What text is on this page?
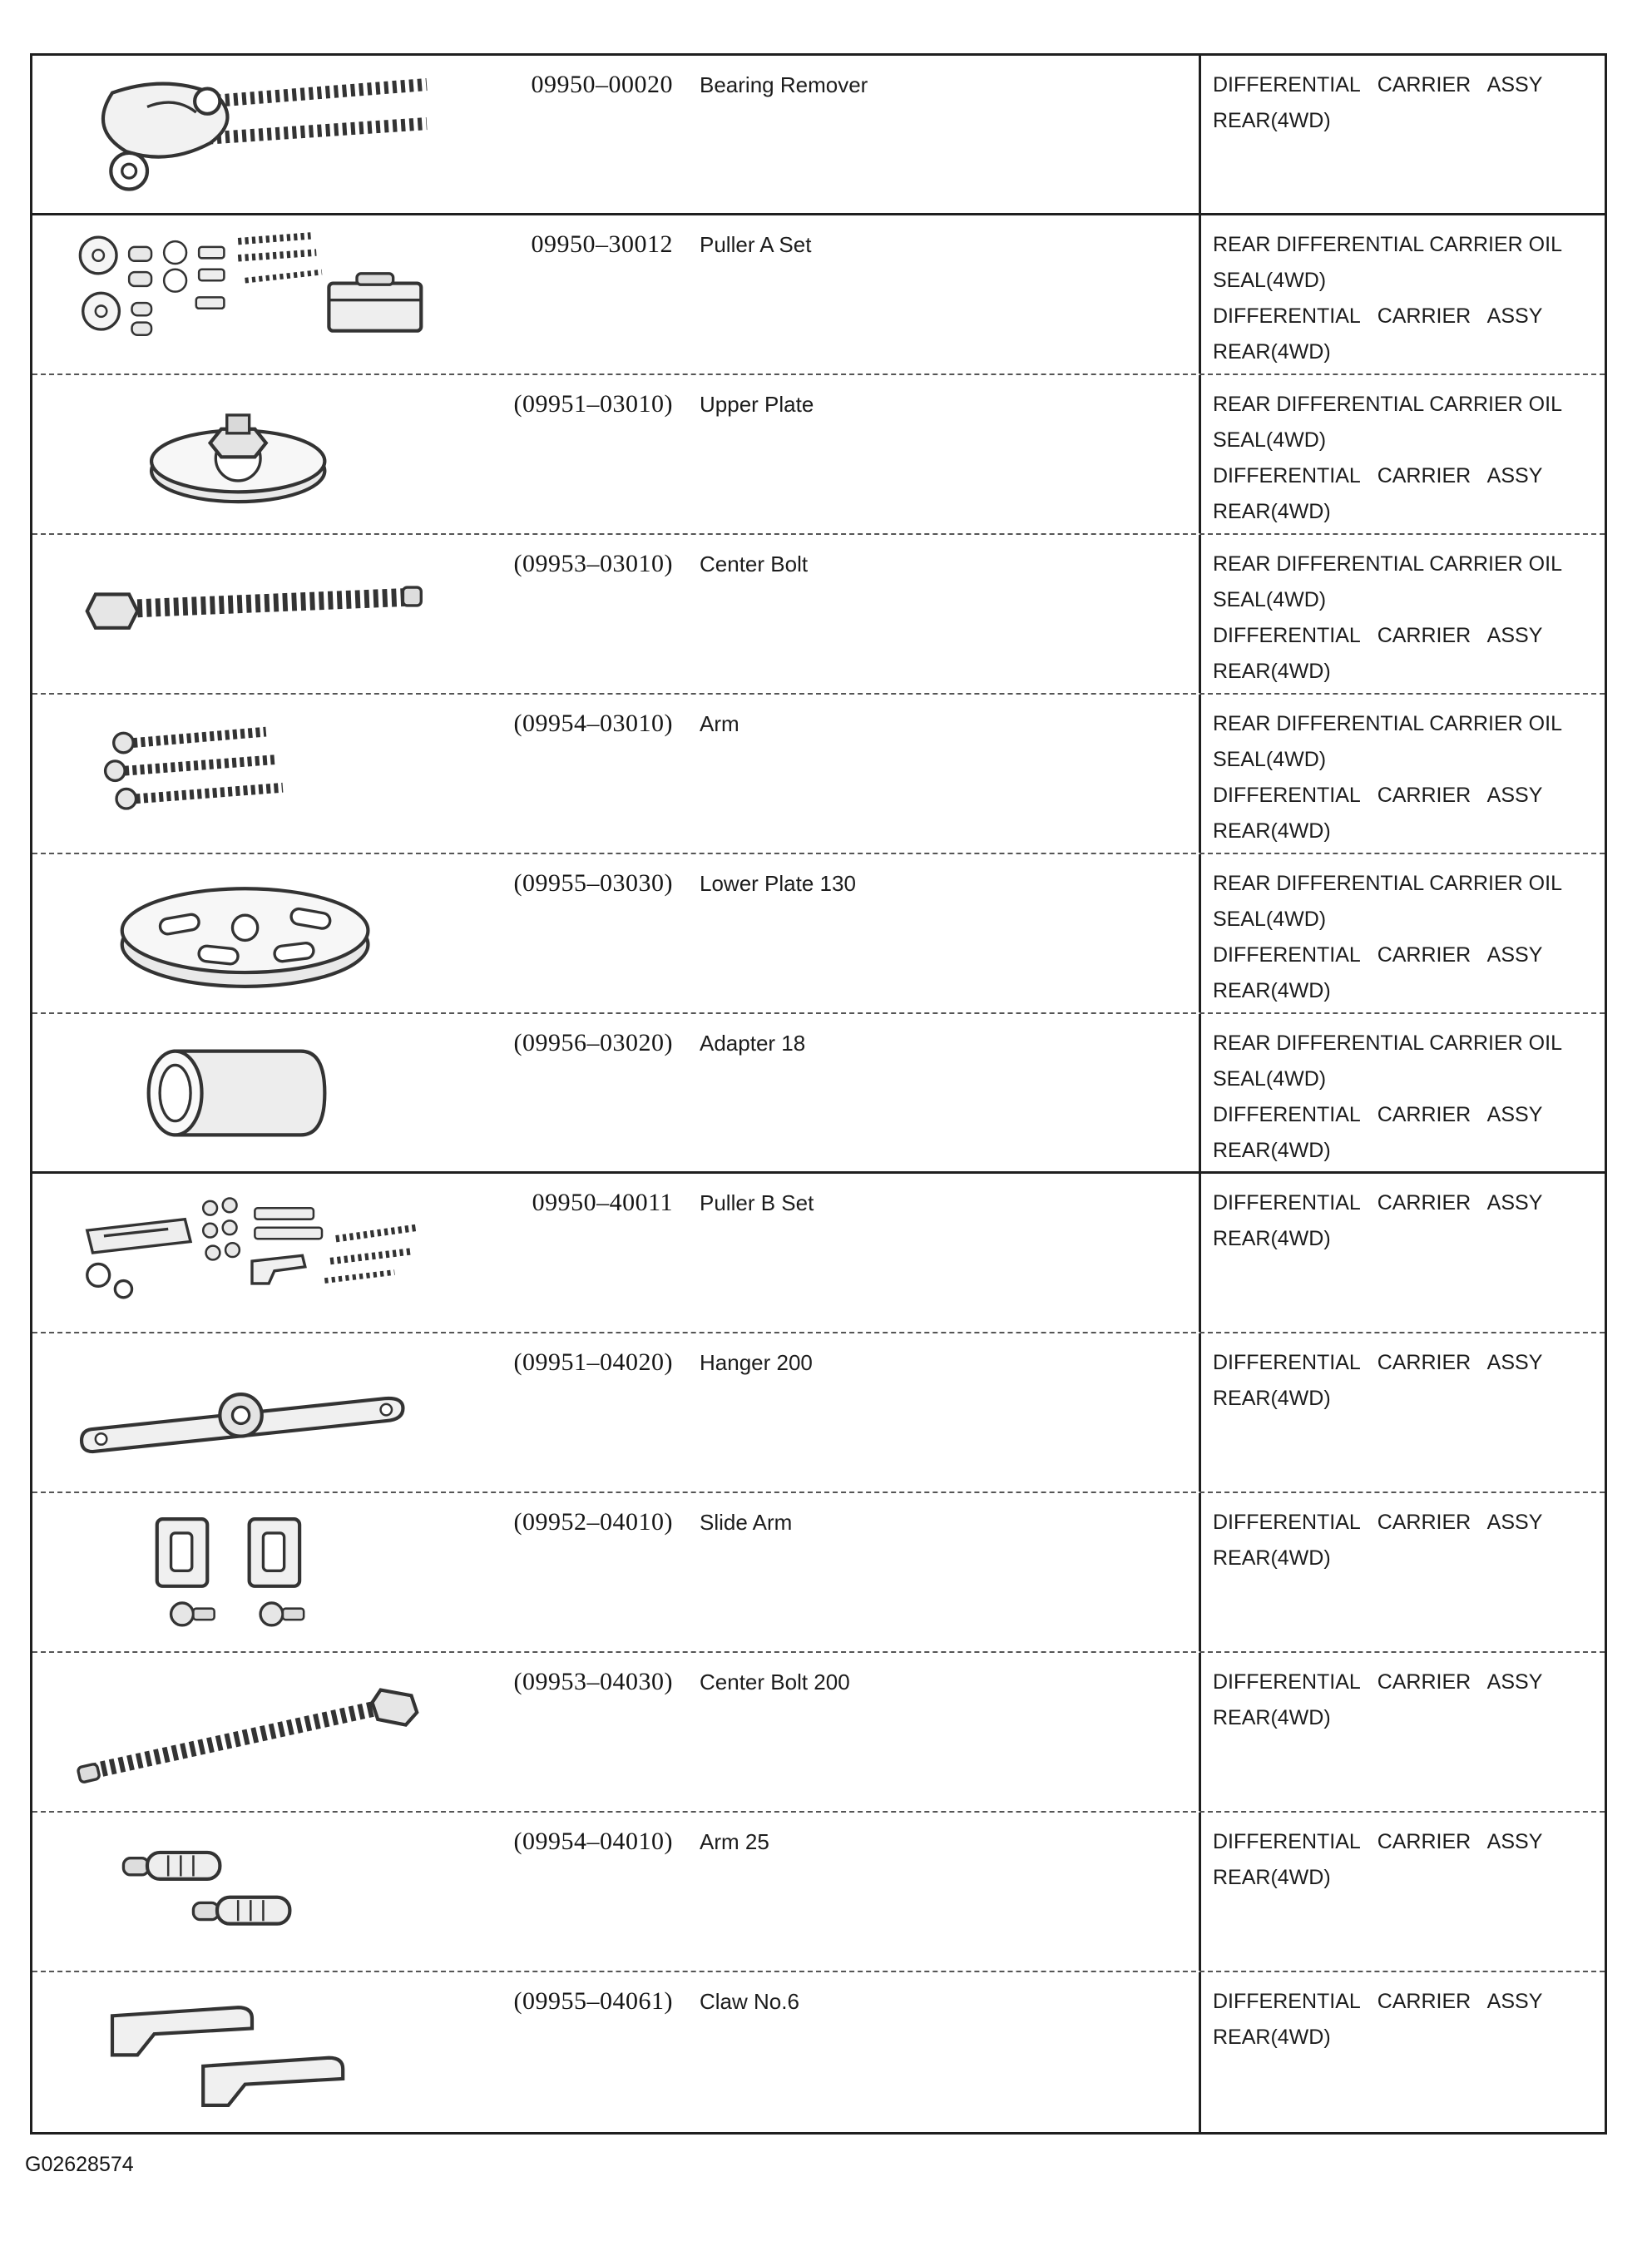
09950–00020 Bearing Remover	DIFFERENTIAL   CARRIER   ASSY
REAR(4WD)
09950–30012 Puller A Set	REAR DIFFERENTIAL CARRIER OIL
SEAL(4WD)
DIFFERENTIAL   CARRIER   ASSY
REAR(4WD)
(09951–03010) Upper Plate	REAR DIFFERENTIAL CARRIER OIL
SEAL(4WD)
DIFFERENTIAL   CARRIER   ASSY
REAR(4WD)
(09953–03010) Center Bolt	REAR DIFFERENTIAL CARRIER OIL
SEAL(4WD)
DIFFERENTIAL   CARRIER   ASSY
REAR(4WD)
(09954–03010) Arm	REAR DIFFERENTIAL CARRIER OIL
SEAL(4WD)
DIFFERENTIAL   CARRIER   ASSY
REAR(4WD)
(09955–03030) Lower Plate 130	REAR DIFFERENTIAL CARRIER OIL
SEAL(4WD)
DIFFERENTIAL   CARRIER   ASSY
REAR(4WD)
(09956–03020) Adapter 18	REAR DIFFERENTIAL CARRIER OIL
SEAL(4WD)
DIFFERENTIAL   CARRIER   ASSY
REAR(4WD)
09950–40011 Puller B Set	DIFFERENTIAL   CARRIER   ASSY
REAR(4WD)
(09951–04020) Hanger 200	DIFFERENTIAL   CARRIER   ASSY
REAR(4WD)
(09952–04010) Slide Arm	DIFFERENTIAL   CARRIER   ASSY
REAR(4WD)
(09953–04030) Center Bolt 200	DIFFERENTIAL   CARRIER   ASSY
REAR(4WD)
(09954–04010) Arm 25	DIFFERENTIAL   CARRIER   ASSY
REAR(4WD)
(09955–04061) Claw No.6	DIFFERENTIAL   CARRIER   ASSY
REAR(4WD)
G02628574
